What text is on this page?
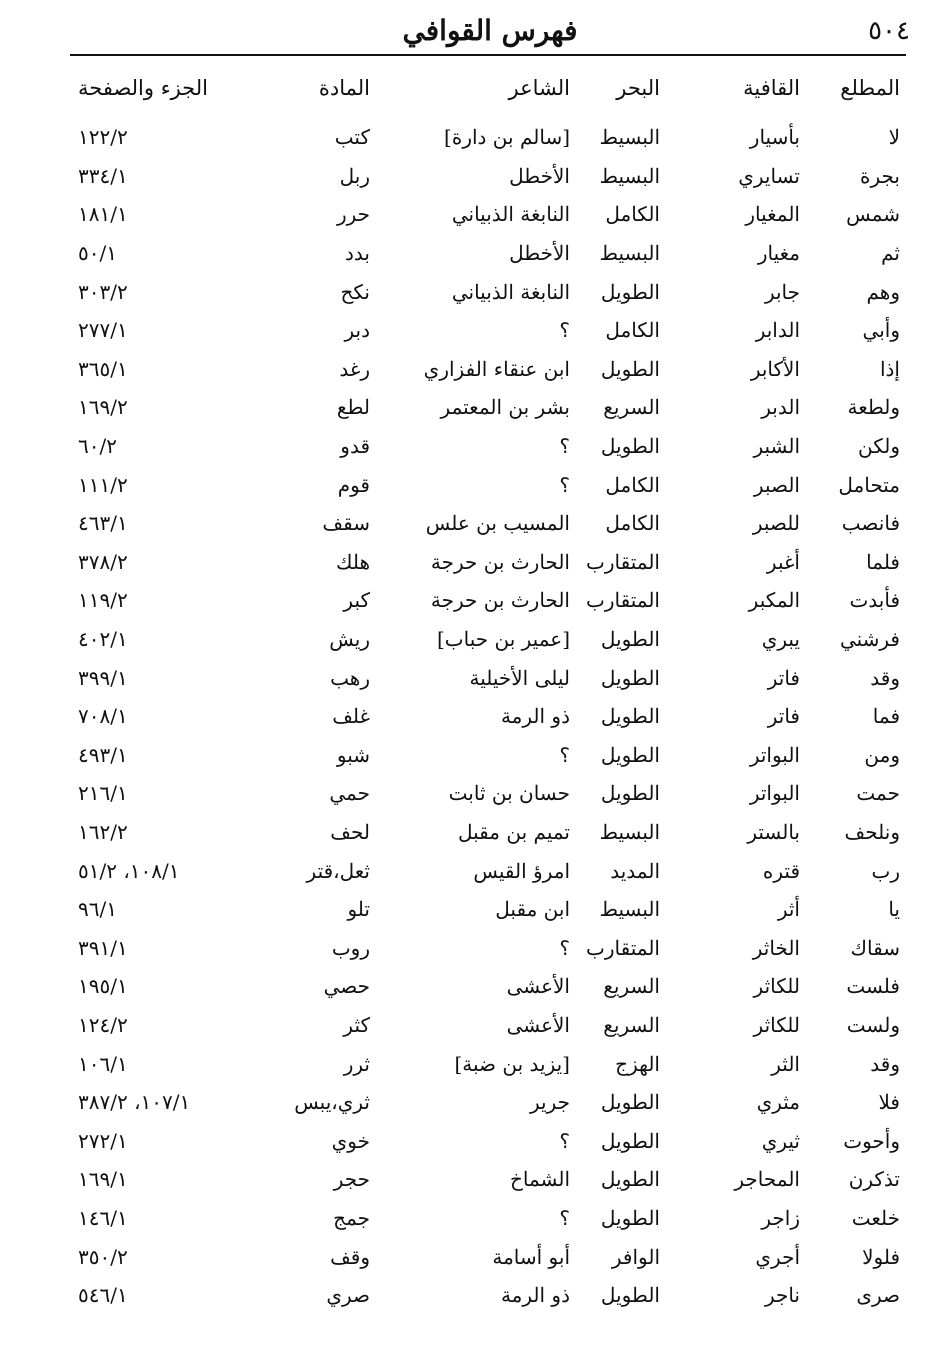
٥٠٤
فهرس القوافي
المطلع
القافية
البحر
الشاعر
المادة
الجزء والصفحة
لا
بأسيار
البسيط
[سالم بن دارة]
كتب
١٢٢/٢
بجرة
تسايري
البسيط
الأخطل
ربل
٣٣٤/١
شمس
المغيار
الكامل
النابغة الذبياني
حرر
١٨١/١
ثم
مغيار
البسيط
الأخطل
بدد
٥٠/١
وهم
جابر
الطويل
النابغة الذبياني
نكح
٣٠٣/٢
وأبي
الدابر
الكامل
؟
دبر
٢٧٧/١
إذا
الأكابر
الطويل
ابن عنقاء الفزاري
رغد
٣٦٥/١
ولطعة
الدبر
السريع
بشر بن المعتمر
لطع
١٦٩/٢
ولكن
الشبر
الطويل
؟
قدو
٦٠/٢
متحامل
الصبر
الكامل
؟
قوم
١١١/٢
فانصب
للصبر
الكامل
المسيب بن علس
سقف
٤٦٣/١
فلما
أغبر
المتقارب
الحارث بن حرجة
هلك
٣٧٨/٢
فأبدت
المكبر
المتقارب
الحارث بن حرجة
كبر
١١٩/٢
فرشني
يبري
الطويل
[عمير بن حباب]
ريش
٤٠٢/١
وقد
فاتر
الطويل
ليلى الأخيلية
رهب
٣٩٩/١
فما
فاتر
الطويل
ذو الرمة
غلف
٧٠٨/١
ومن
البواتر
الطويل
؟
شبو
٤٩٣/١
حمت
البواتر
الطويل
حسان بن ثابت
حمي
٢١٦/١
ونلحف
بالستر
البسيط
تميم بن مقبل
لحف
١٦٢/٢
رب
قتره
المديد
امرؤ القيس
ثعل،قتر
١٠٨/١، ٥١/٢
يا
أثر
البسيط
ابن مقبل
تلو
٩٦/١
سقاك
الخاثر
المتقارب
؟
روب
٣٩١/١
فلست
للكاثر
السريع
الأعشى
حصي
١٩٥/١
ولست
للكاثر
السريع
الأعشى
كثر
١٢٤/٢
وقد
الثر
الهزج
[يزيد بن ضبة]
ثرر
١٠٦/١
فلا
مثري
الطويل
جرير
ثري،يبس
١٠٧/١، ٣٨٧/٢
وأحوت
ثيري
الطويل
؟
خوي
٢٧٢/١
تذكرن
المحاجر
الطويل
الشماخ
حجر
١٦٩/١
خلعت
زاجر
الطويل
؟
جمج
١٤٦/١
فلولا
أجري
الوافر
أبو أسامة
وقف
٣٥٠/٢
صرى
ناجر
الطويل
ذو الرمة
صري
٥٤٦/١
